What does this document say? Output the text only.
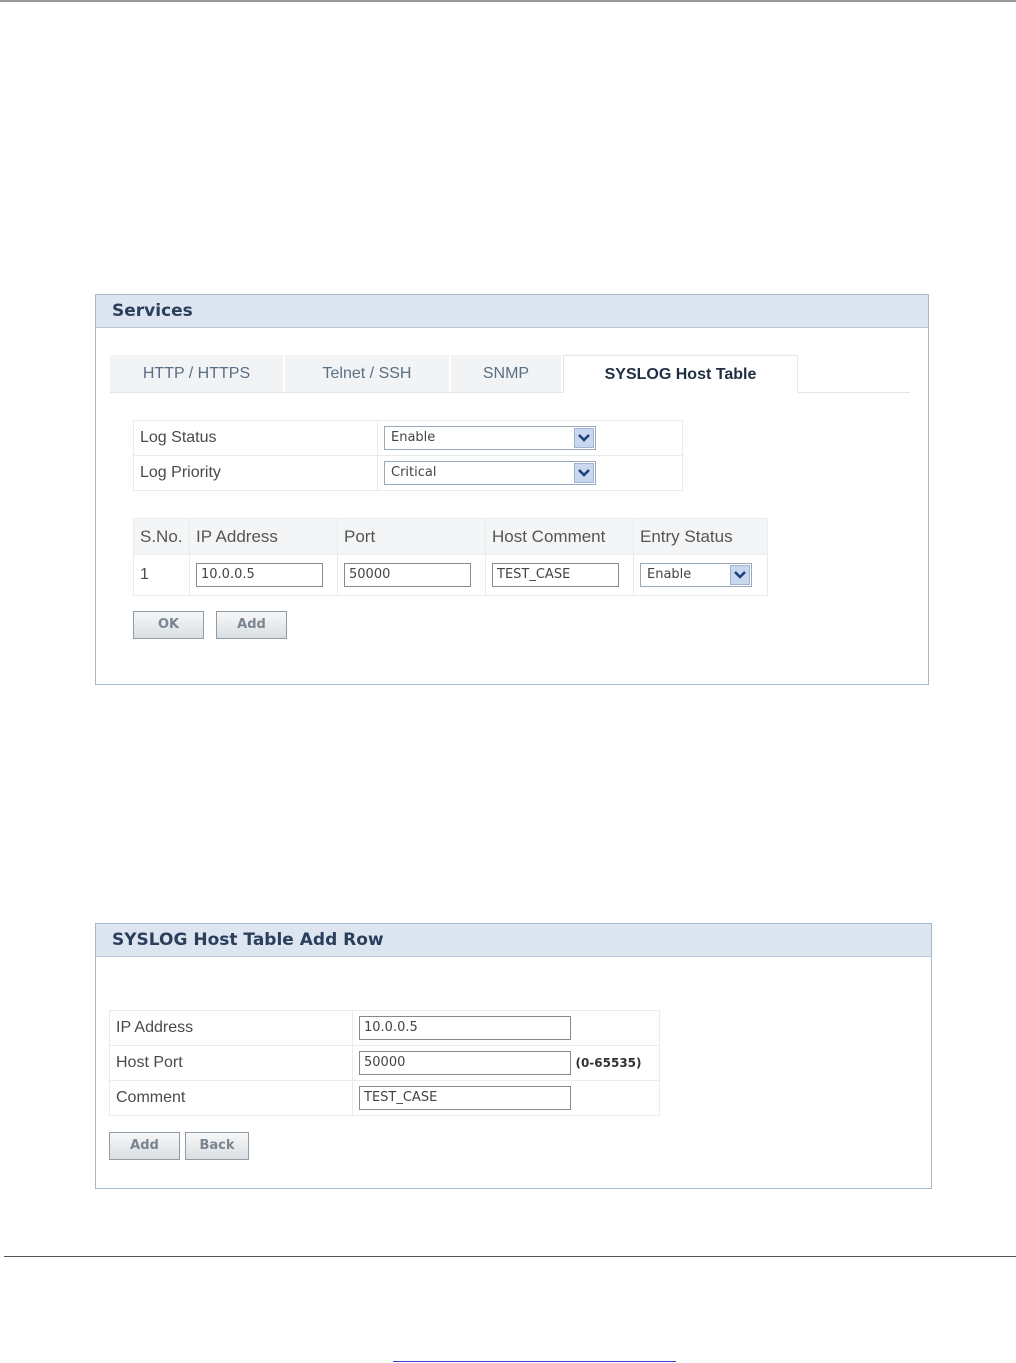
Services
HTTP / HTTPS	Telnet / SSH	SNMP	SYSLOG Host Table
Log Status	Enable

Log Priority	Critical
S.No.	IP Address	Port	Host Comment	Entry Status
1	10.0.0.5	50000	TEST_CASE	Enable
OK	Add
SYSLOG Host Table Add Row
IP Address	10.0.0.5

Host Port	50000 (0-65535)
Comment	TEST_CASE
Add	Back
